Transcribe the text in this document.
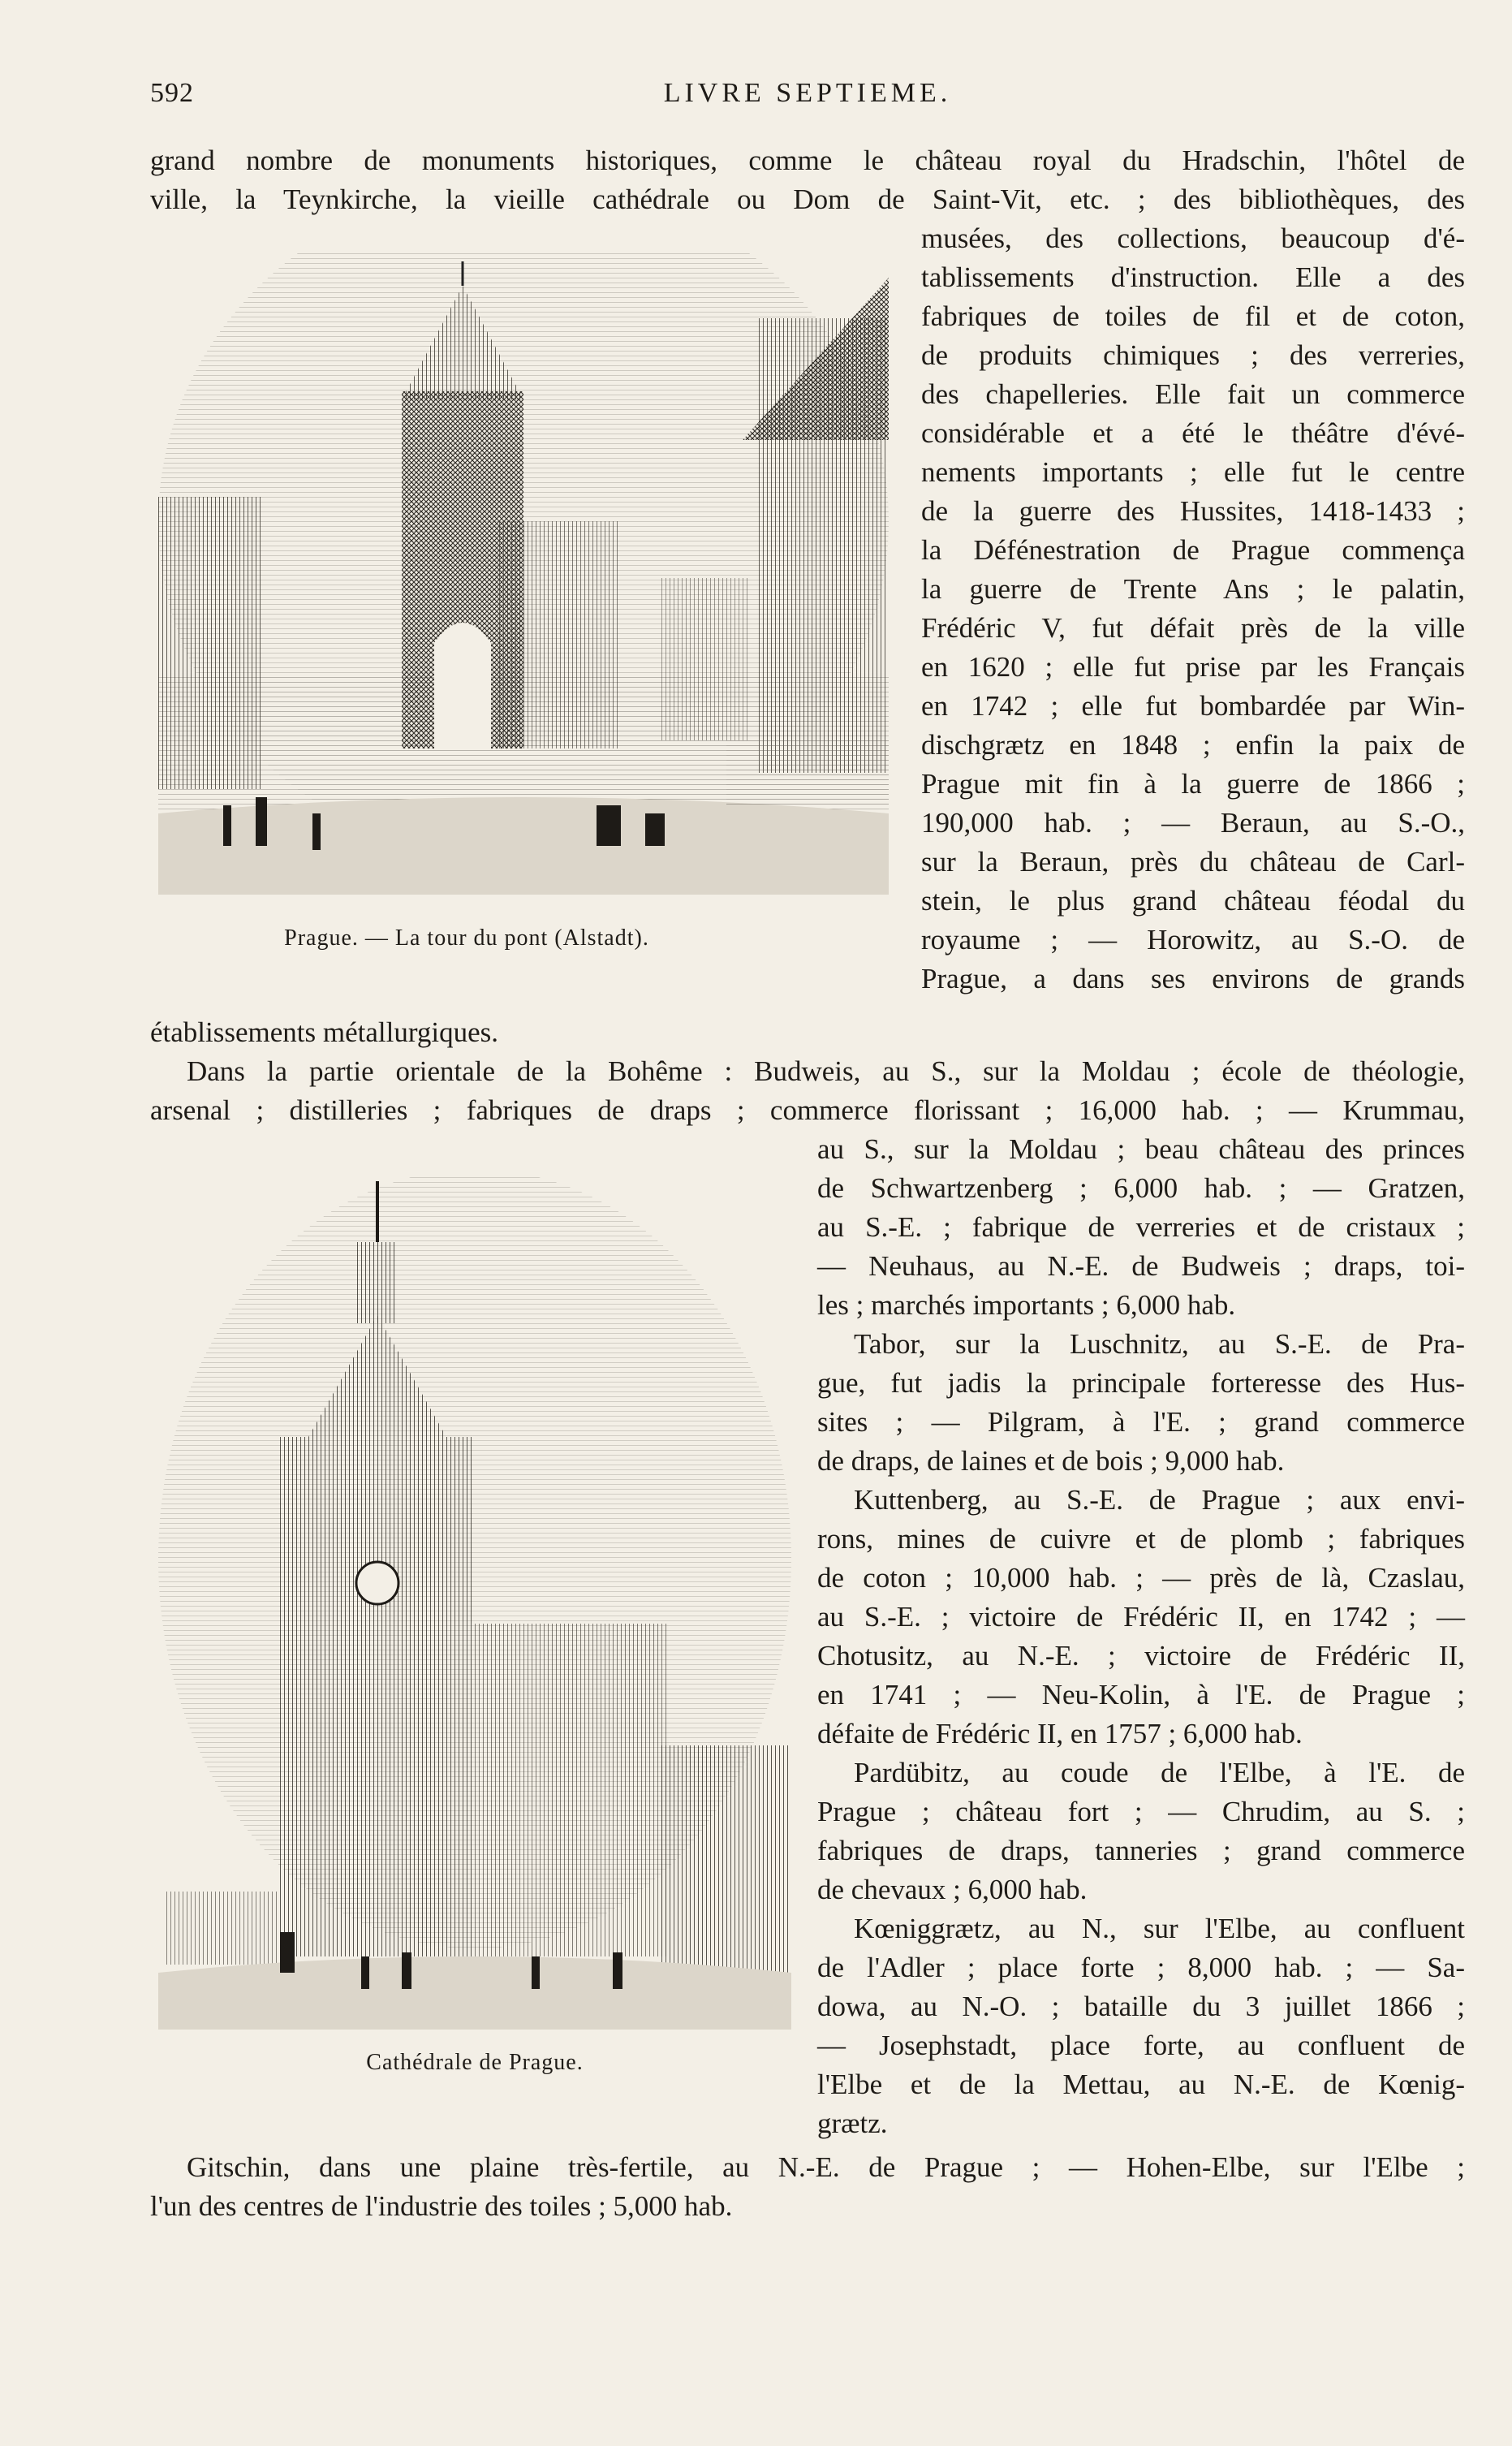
592	LIVRE SEPTIEME.

grand nombre de monuments historiques, comme le château royal du Hradschin, l'hôtel de

ville, la Teynkirche, la vieille cathédrale ou Dom de Saint-Vit, etc. ; des bibliothèques, des

Prague. — La tour du pont (Alstadt).

musées, des collections, beaucoup d'é-

tablissements d'instruction. Elle a des

fabriques de toiles de fil et de coton,

de produits chimiques ; des verreries,

des chapelleries. Elle fait un commerce

considérable et a été le théâtre d'évé-

nements importants ; elle fut le centre

de la guerre des Hussites, 1418-1433 ;

la Défénestration de Prague commença

la guerre de Trente Ans ; le palatin,

Frédéric V, fut défait près de la ville

en 1620 ; elle fut prise par les Français

en 1742 ; elle fut bombardée par Win-

dischgrætz en 1848 ; enfin la paix de

Prague mit fin à la guerre de 1866 ;

190,000 hab. ; — Beraun, au S.-O.,

sur la Beraun, près du château de Carl-

stein, le plus grand château féodal du

royaume ; — Horowitz, au S.-O. de

Prague, a dans ses environs de grands

établissements métallurgiques.

Dans la partie orientale de la Bohême : Budweis, au S., sur la Moldau ; école de théologie,

arsenal ; distilleries ; fabriques de draps ; commerce florissant ; 16,000 hab. ; — Krummau,

Cathédrale de Prague.

au S., sur la Moldau ; beau château des princes

de Schwartzenberg ; 6,000 hab. ; — Gratzen,

au S.-E. ; fabrique de verreries et de cristaux ;

— Neuhaus, au N.-E. de Budweis ; draps, toi-

les ; marchés importants ; 6,000 hab.

Tabor, sur la Luschnitz, au S.-E. de Pra-

gue, fut jadis la principale forteresse des Hus-

sites ; — Pilgram, à l'E. ; grand commerce

de draps, de laines et de bois ; 9,000 hab.

Kuttenberg, au S.-E. de Prague ; aux envi-

rons, mines de cuivre et de plomb ; fabriques

de coton ; 10,000 hab. ; — près de là, Czaslau,

au S.-E. ; victoire de Frédéric II, en 1742 ; —

Chotusitz, au N.-E. ; victoire de Frédéric II,

en 1741 ; — Neu-Kolin, à l'E. de Prague ;

défaite de Frédéric II, en 1757 ; 6,000 hab.

Pardübitz, au coude de l'Elbe, à l'E. de

Prague ; château fort ; — Chrudim, au S. ;

fabriques de draps, tanneries ; grand commerce

de chevaux ; 6,000 hab.

Kœniggrætz, au N., sur l'Elbe, au confluent

de l'Adler ; place forte ; 8,000 hab. ; — Sa-

dowa, au N.-O. ; bataille du 3 juillet 1866 ;

— Josephstadt, place forte, au confluent de

l'Elbe et de la Mettau, au N.-E. de Kœnig-

grætz.

Gitschin, dans une plaine très-fertile, au N.-E. de Prague ; — Hohen-Elbe, sur l'Elbe ;

l'un des centres de l'industrie des toiles ; 5,000 hab.
